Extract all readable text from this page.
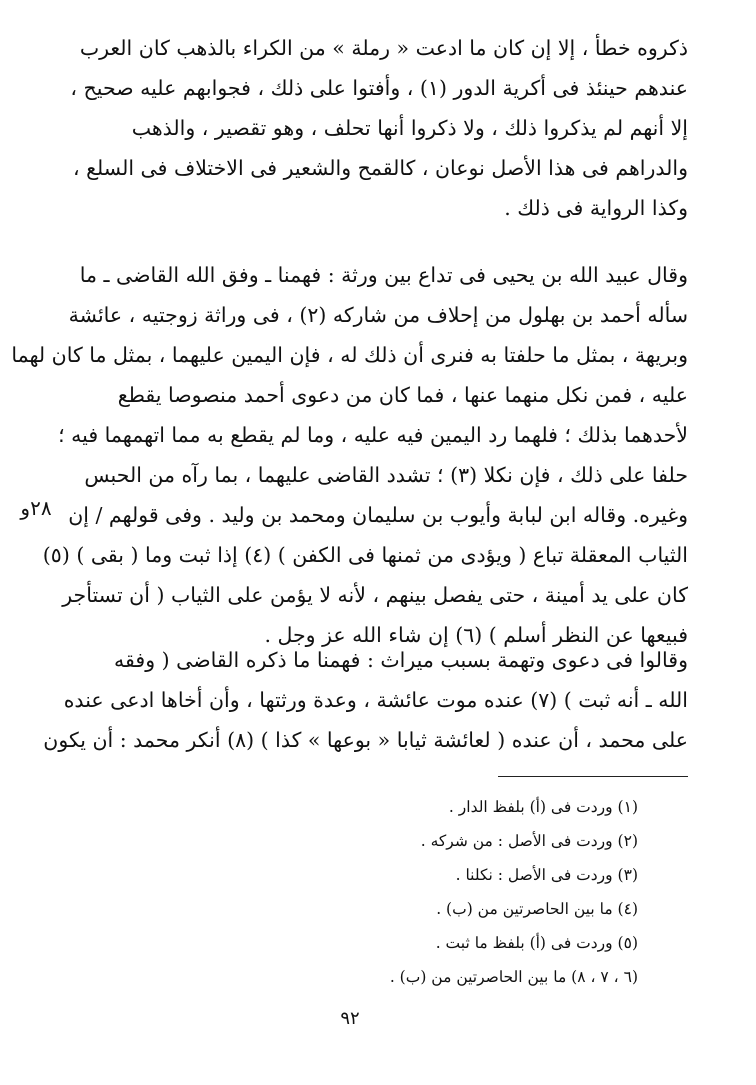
ذكروه خطأ ، إلا إن كان ما ادعت « رملة » من الكراء بالذهب كان العرب
عندهم حينئذ فى أكرية الدور (١) ، وأفتوا على ذلك ، فجوابهم عليه صحيح ،
إلا أنهم لم يذكروا ذلك ، ولا ذكروا أنها تحلف ، وهو تقصير ، والذهب
والدراهم فى هذا الأصل نوعان ، كالقمح والشعير فى الاختلاف فى السلع ،
وكذا الرواية فى ذلك .
وقال عبيد الله بن يحيى فى تداع بين ورثة : فهمنا ـ وفق الله القاضى ـ ما
سأله أحمد بن بهلول من إحلاف من شاركه (٢) ، فى وراثة زوجتيه ، عائشة
وبريهة ، بمثل ما حلفتا به فنرى أن ذلك له ، فإن اليمين عليهما ، بمثل ما كان لهما
عليه ، فمن نكل منهما عنها ، فما كان من دعوى أحمد منصوصا يقطع
لأحدهما بذلك ؛ فلهما رد اليمين فيه عليه ، وما لم يقطع به مما اتهمهما فيه ؛
حلفا على ذلك ، فإن نكلا (٣) ؛ تشدد القاضى عليهما ، بما رآه من الحبس
وغيره. وقاله ابن لبابة وأيوب بن سليمان ومحمد بن وليد . وفى قولهم / إن
الثياب المعقلة تباع ( ويؤدى من ثمنها فى الكفن ) (٤) إذا ثبت وما ( بقى ) (٥)
كان على يد أمينة ، حتى يفصل بينهم ، لأنه لا يؤمن على الثياب ( أن تستأجر
فبيعها عن النظر أسلم ) (٦) إن شاء الله عز وجل .
٢٨و
وقالوا فى دعوى وتهمة بسبب ميراث : فهمنا ما ذكره القاضى ( وفقه
الله ـ أنه ثبت ) (٧) عنده موت عائشة ، وعدة ورثتها ، وأن أخاها ادعى عنده
على محمد ، أن عنده ( لعائشة ثيابا « بوعها » كذا ) (٨) أنكر محمد : أن يكون
(١) وردت فى (أ) بلفظ الدار .
(٢) وردت فى الأصل : من شركه .
(٣) وردت فى الأصل : نكلنا .
(٤) ما بين الحاصرتين من (ب) .
(٥) وردت فى (أ) بلفظ ما ثبت .
(٦ ، ٧ ، ٨) ما بين الحاصرتين من (ب) .
٩٢
